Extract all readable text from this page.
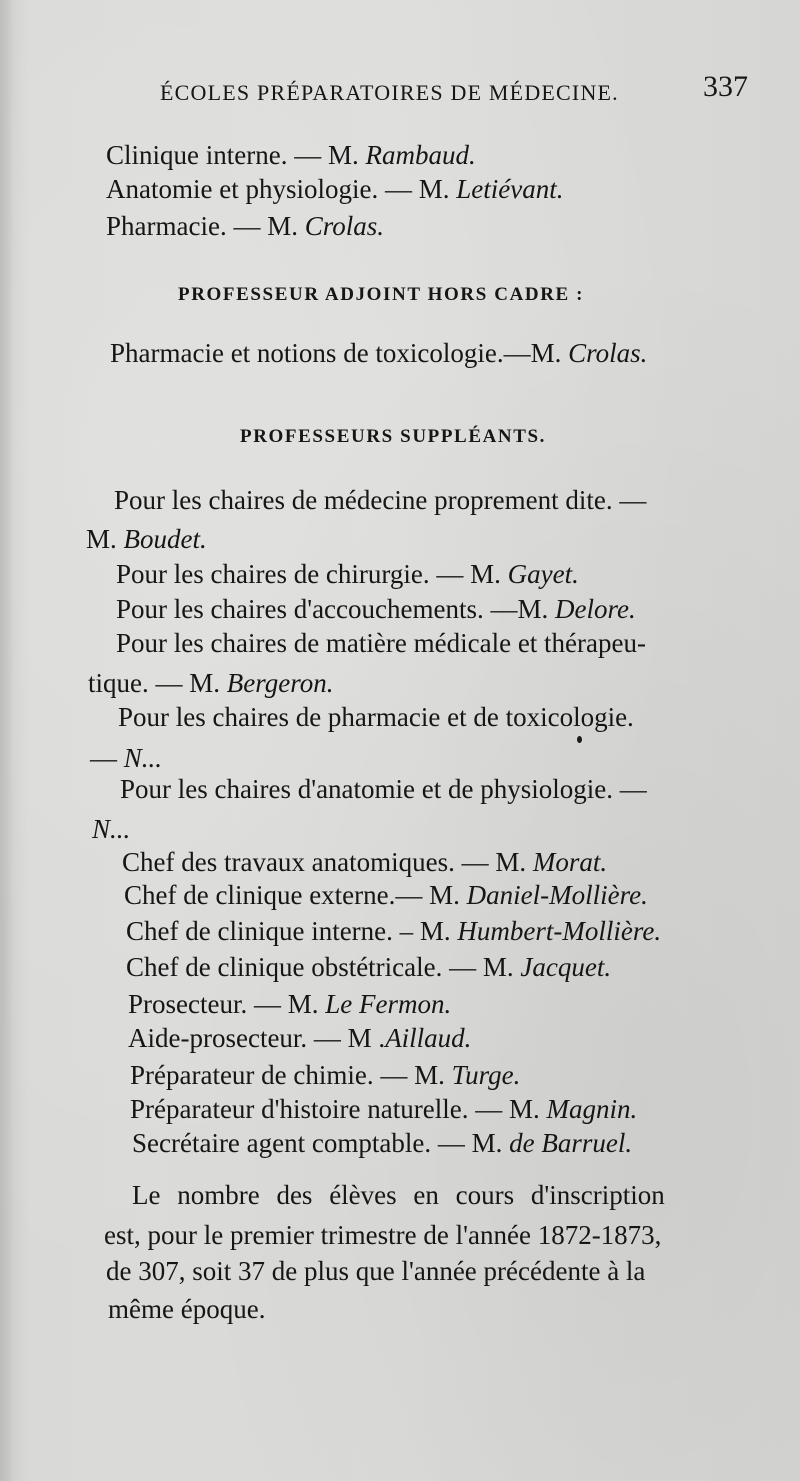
ÉCOLES PRÉPARATOIRES DE MÉDECINE.	337
Clinique interne. — M. Rambaud.
Anatomie et physiologie. — M. Letiévant.
Pharmacie. — M. Crolas.
PROFESSEUR ADJOINT HORS CADRE :
Pharmacie et notions de toxicologie.—M. Crolas.
PROFESSEURS SUPPLÉANTS.
Pour les chaires de médecine proprement dite. —
M. Boudet.
Pour les chaires de chirurgie. — M. Gayet.
Pour les chaires d'accouchements. —M. Delore.
Pour les chaires de matière médicale et thérapeu-
tique. — M. Bergeron.
Pour les chaires de pharmacie et de toxicologie.
— N...
Pour les chaires d'anatomie et de physiologie. —
N...
Chef des travaux anatomiques. — M. Morat.
Chef de clinique externe.— M. Daniel-Mollière.
Chef de clinique interne. – M. Humbert-Mollière.
Chef de clinique obstétricale. — M. Jacquet.
Prosecteur. — M. Le Fermon.
Aide-prosecteur. — M .Aillaud.
Préparateur de chimie. — M. Turge.
Préparateur d'histoire naturelle. — M. Magnin.
Secrétaire agent comptable. — M. de Barruel.
Le nombre des élèves en cours d'inscription
est, pour le premier trimestre de l'année 1872-1873,
de 307, soit 37 de plus que l'année précédente à la
même époque.
